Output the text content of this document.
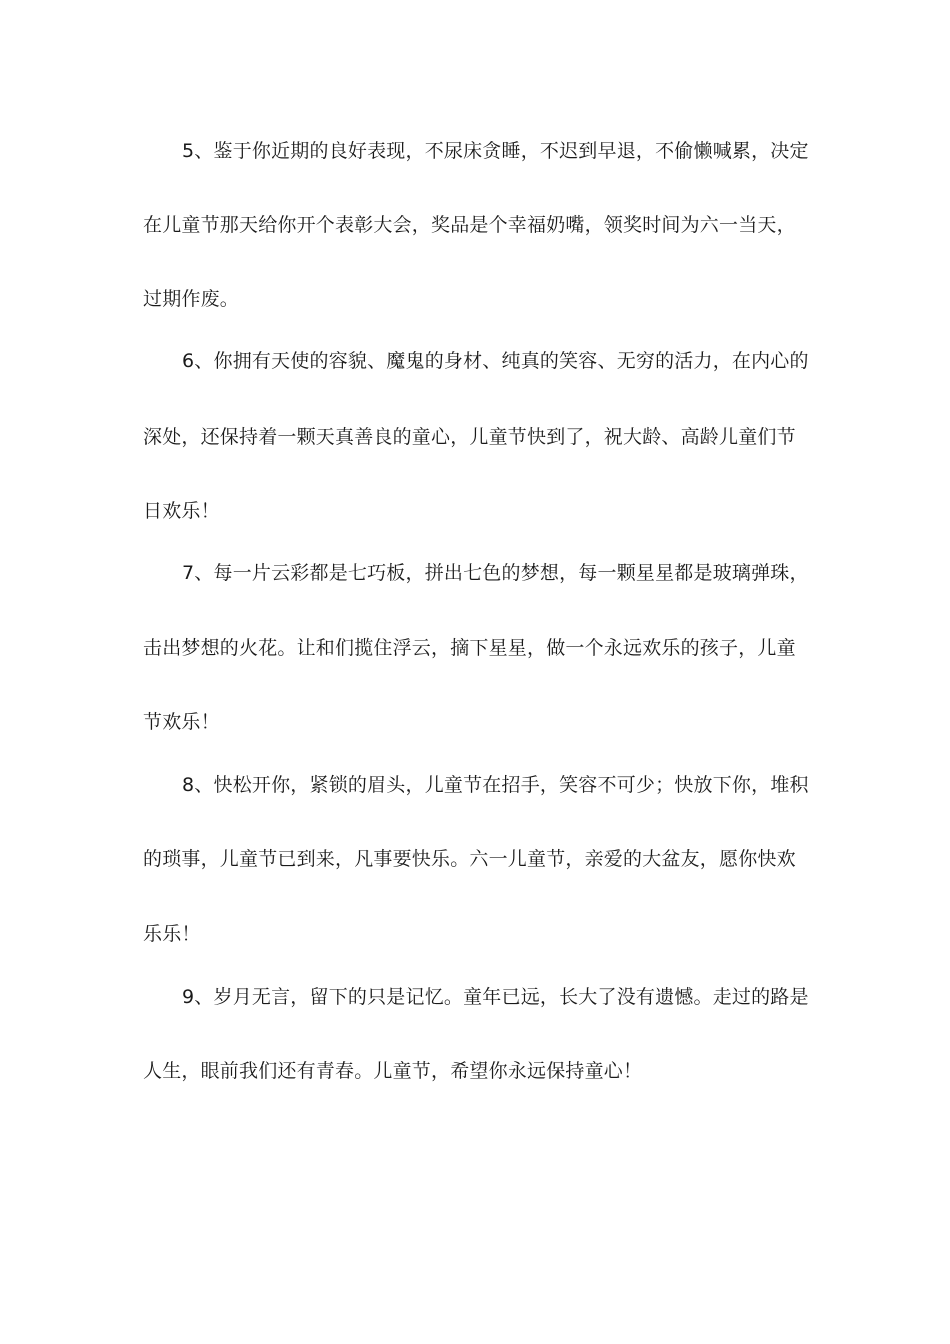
5、鉴于你近期的良好表现，不尿床贪睡，不迟到早退，不偷懒喊累，决定
在儿童节那天给你开个表彰大会，奖品是个幸福奶嘴，领奖时间为六一当天，
过期作废。
6、你拥有天使的容貌、魔鬼的身材、纯真的笑容、无穷的活力，在内心的
深处，还保持着一颗天真善良的童心，儿童节快到了，祝大龄、高龄儿童们节
日欢乐！
7、每一片云彩都是七巧板，拼出七色的梦想，每一颗星星都是玻璃弹珠，
击出梦想的火花。让和们揽住浮云，摘下星星，做一个永远欢乐的孩子，儿童
节欢乐！
8、快松开你，紧锁的眉头，儿童节在招手，笑容不可少；快放下你，堆积
的琐事，儿童节已到来，凡事要快乐。六一儿童节，亲爱的大盆友，愿你快欢
乐乐！
9、岁月无言，留下的只是记忆。童年已远，长大了没有遗憾。走过的路是
人生，眼前我们还有青春。儿童节，希望你永远保持童心！
